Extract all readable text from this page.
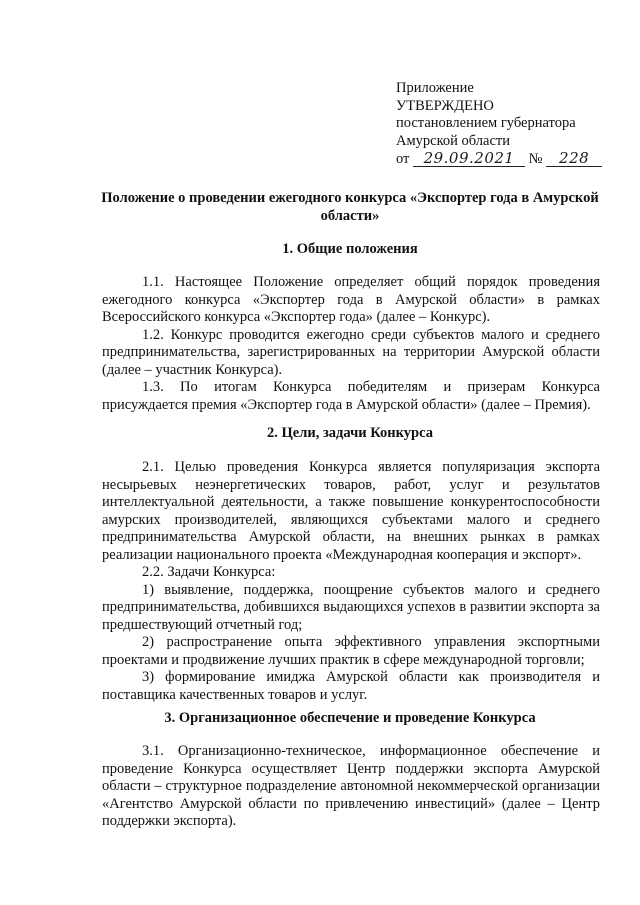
Приложение
УТВЕРЖДЕНО
постановлением губернатора
Амурской области
от 29.09.2021 № 228
Положение о проведении ежегодного конкурса «Экспортер года в Амурской области»
1. Общие положения

1.1. Настоящее Положение определяет общий порядок проведения ежегодного конкурса «Экспортер года в Амурской области» в рамках Всероссийского конкурса «Экспортер года» (далее – Конкурс).

1.2. Конкурс проводится ежегодно среди субъектов малого и среднего предпринимательства, зарегистрированных на территории Амурской области (далее – участник Конкурса).

1.3. По итогам Конкурса победителям и призерам Конкурса присуждается премия «Экспортер года в Амурской области» (далее – Премия).

2. Цели, задачи Конкурса

2.1. Целью проведения Конкурса является популяризация экспорта несырьевых неэнергетических товаров, работ, услуг и результатов интеллектуальной деятельности, а также повышение конкурентоспособности амурских производителей, являющихся субъектами малого и среднего предпринимательства Амурской области, на внешних рынках в рамках реализации национального проекта «Международная кооперация и экспорт».

2.2. Задачи Конкурса:

1) выявление, поддержка, поощрение субъектов малого и среднего предпринимательства, добившихся выдающихся успехов в развитии экспорта за предшествующий отчетный год;

2) распространение опыта эффективного управления экспортными проектами и продвижение лучших практик в сфере международной торговли;

3) формирование имиджа Амурской области как производителя и поставщика качественных товаров и услуг.

3. Организационное обеспечение и проведение Конкурса

3.1. Организационно-техническое, информационное обеспечение и проведение Конкурса осуществляет Центр поддержки экспорта Амурской области – структурное подразделение автономной некоммерческой организации «Агентство Амурской области по привлечению инвестиций» (далее – Центр поддержки экспорта).
